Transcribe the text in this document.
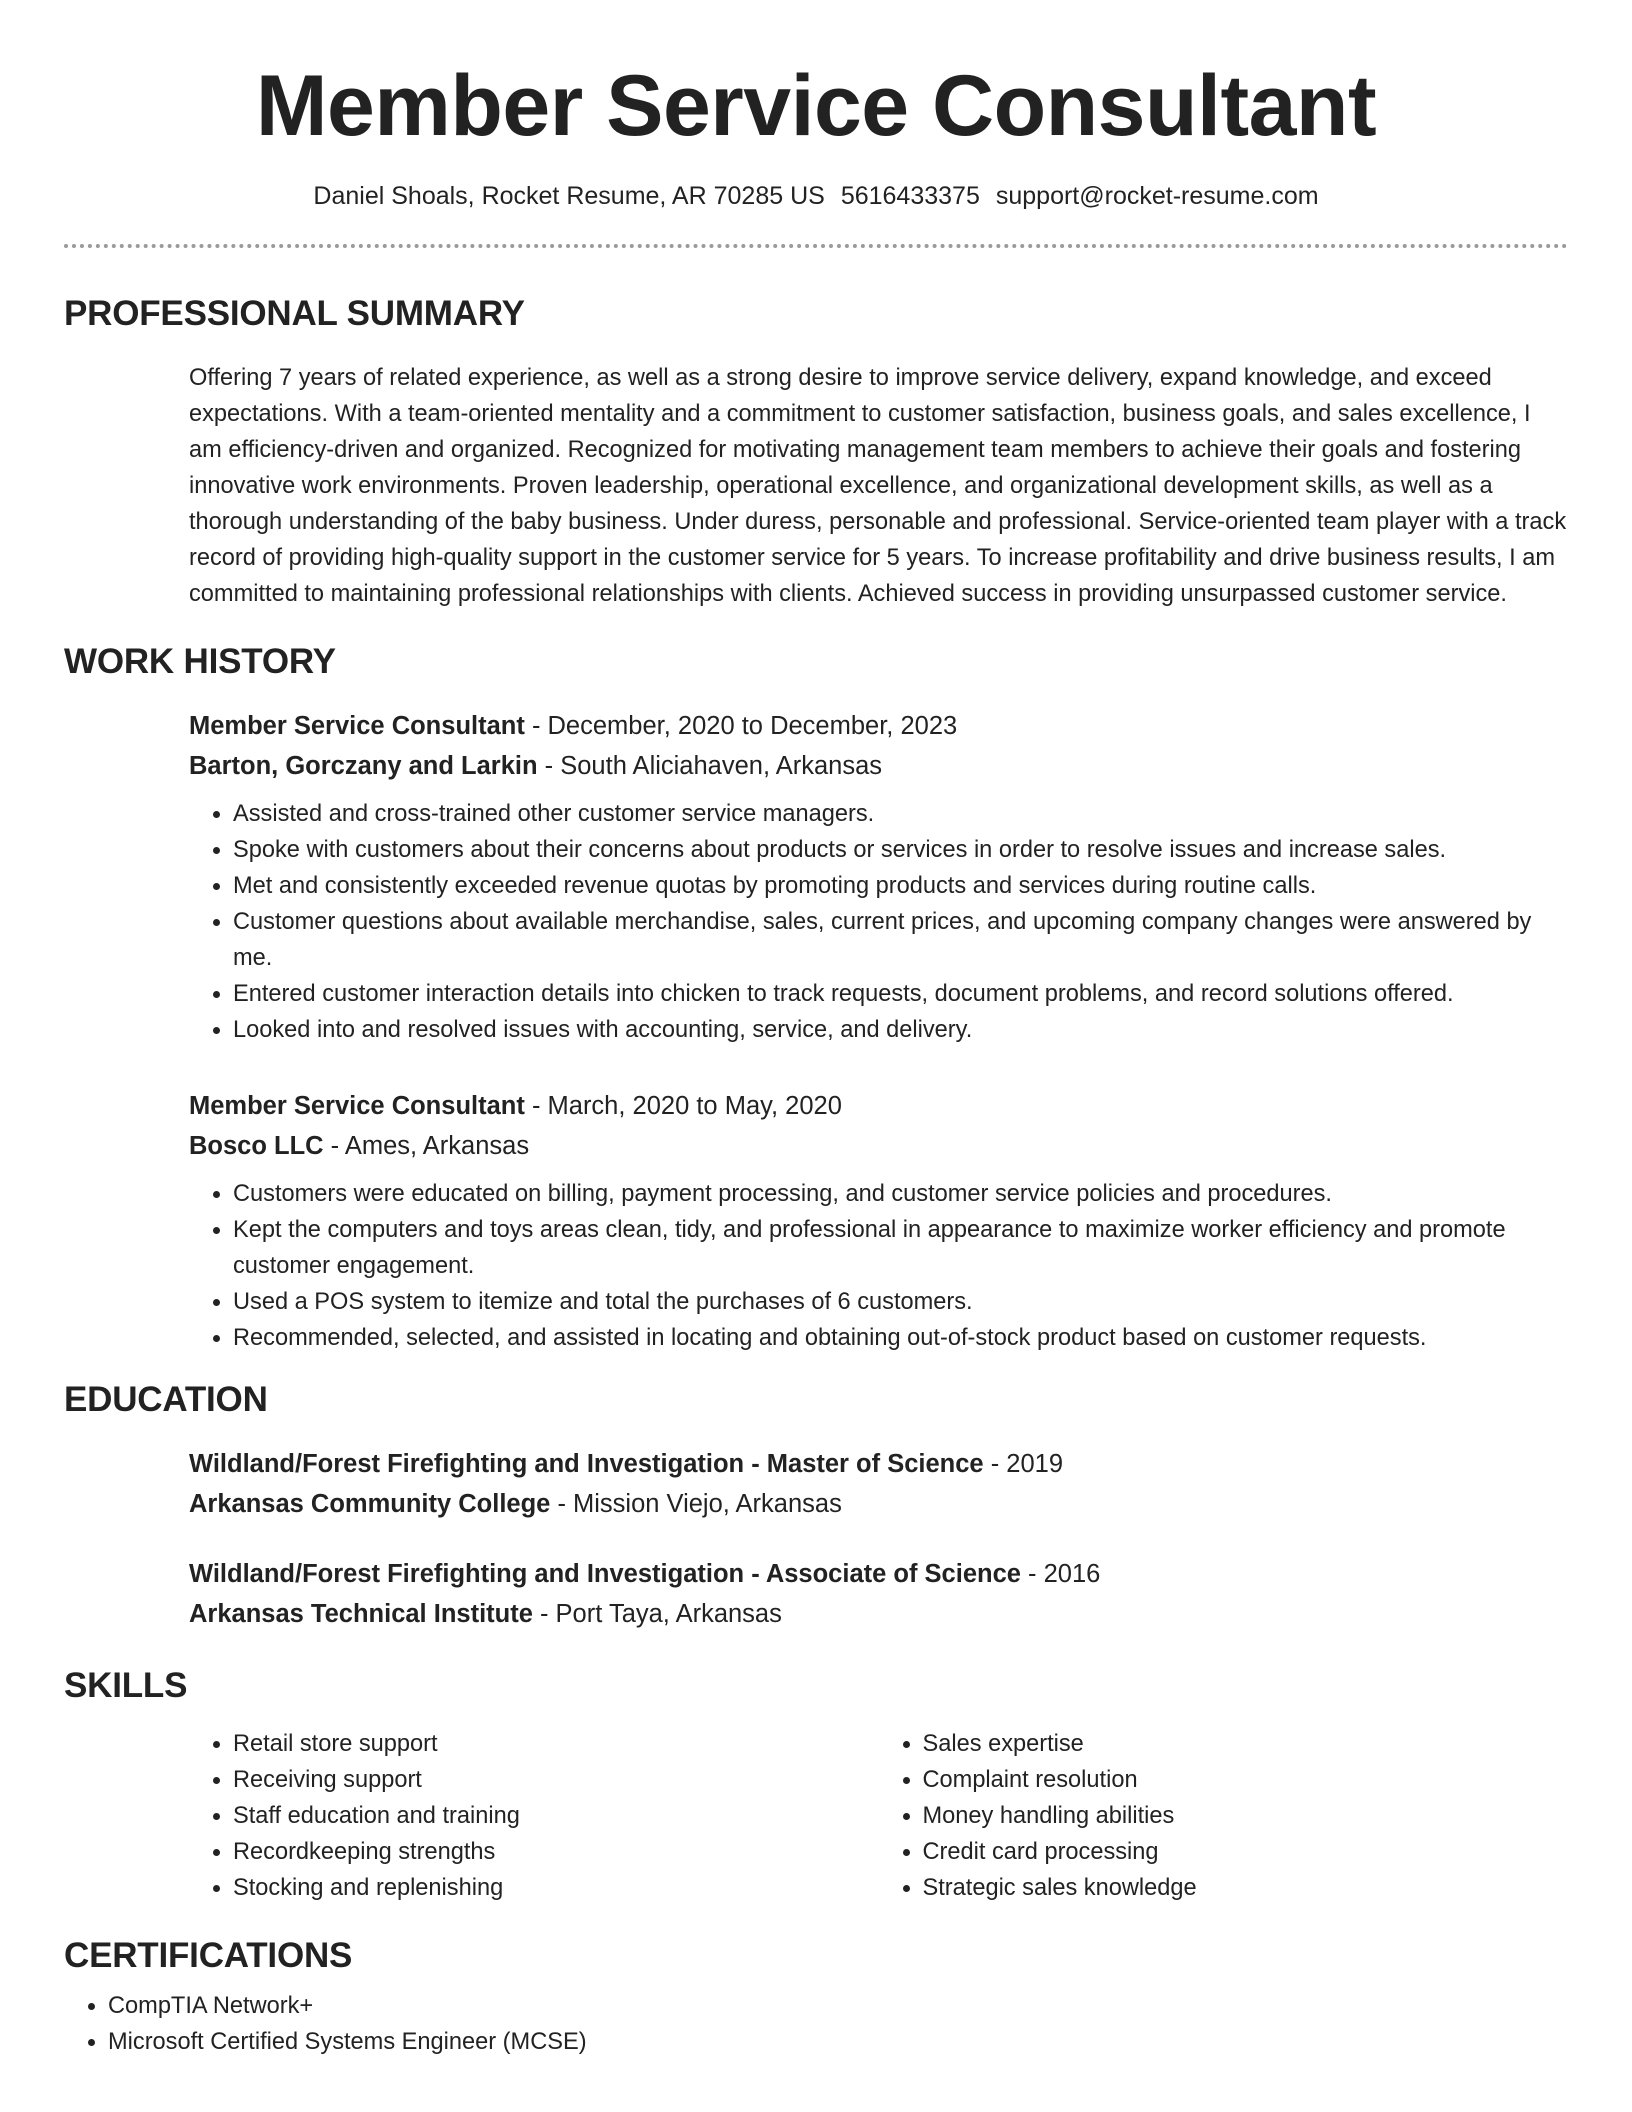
Member Service Consultant
Daniel Shoals, Rocket Resume, AR 70285 US 5616433375 support@rocket-resume.com
PROFESSIONAL SUMMARY
Offering 7 years of related experience, as well as a strong desire to improve service delivery, expand knowledge, and exceed expectations. With a team-oriented mentality and a commitment to customer satisfaction, business goals, and sales excellence, I am efficiency-driven and organized. Recognized for motivating management team members to achieve their goals and fostering innovative work environments. Proven leadership, operational excellence, and organizational development skills, as well as a thorough understanding of the baby business. Under duress, personable and professional. Service-oriented team player with a track record of providing high-quality support in the customer service for 5 years. To increase profitability and drive business results, I am committed to maintaining professional relationships with clients. Achieved success in providing unsurpassed customer service.
WORK HISTORY
Member Service Consultant - December, 2020 to December, 2023
Barton, Gorczany and Larkin - South Aliciahaven, Arkansas
• Assisted and cross-trained other customer service managers.
• Spoke with customers about their concerns about products or services in order to resolve issues and increase sales.
• Met and consistently exceeded revenue quotas by promoting products and services during routine calls.
• Customer questions about available merchandise, sales, current prices, and upcoming company changes were answered by me.
• Entered customer interaction details into chicken to track requests, document problems, and record solutions offered.
• Looked into and resolved issues with accounting, service, and delivery.
Member Service Consultant - March, 2020 to May, 2020
Bosco LLC - Ames, Arkansas
• Customers were educated on billing, payment processing, and customer service policies and procedures.
• Kept the computers and toys areas clean, tidy, and professional in appearance to maximize worker efficiency and promote customer engagement.
• Used a POS system to itemize and total the purchases of 6 customers.
• Recommended, selected, and assisted in locating and obtaining out-of-stock product based on customer requests.
EDUCATION
Wildland/Forest Firefighting and Investigation - Master of Science - 2019
Arkansas Community College - Mission Viejo, Arkansas
Wildland/Forest Firefighting and Investigation - Associate of Science - 2016
Arkansas Technical Institute - Port Taya, Arkansas
SKILLS
• Retail store support
• Receiving support
• Staff education and training
• Recordkeeping strengths
• Stocking and replenishing
• Sales expertise
• Complaint resolution
• Money handling abilities
• Credit card processing
• Strategic sales knowledge
CERTIFICATIONS
• CompTIA Network+
• Microsoft Certified Systems Engineer (MCSE)
